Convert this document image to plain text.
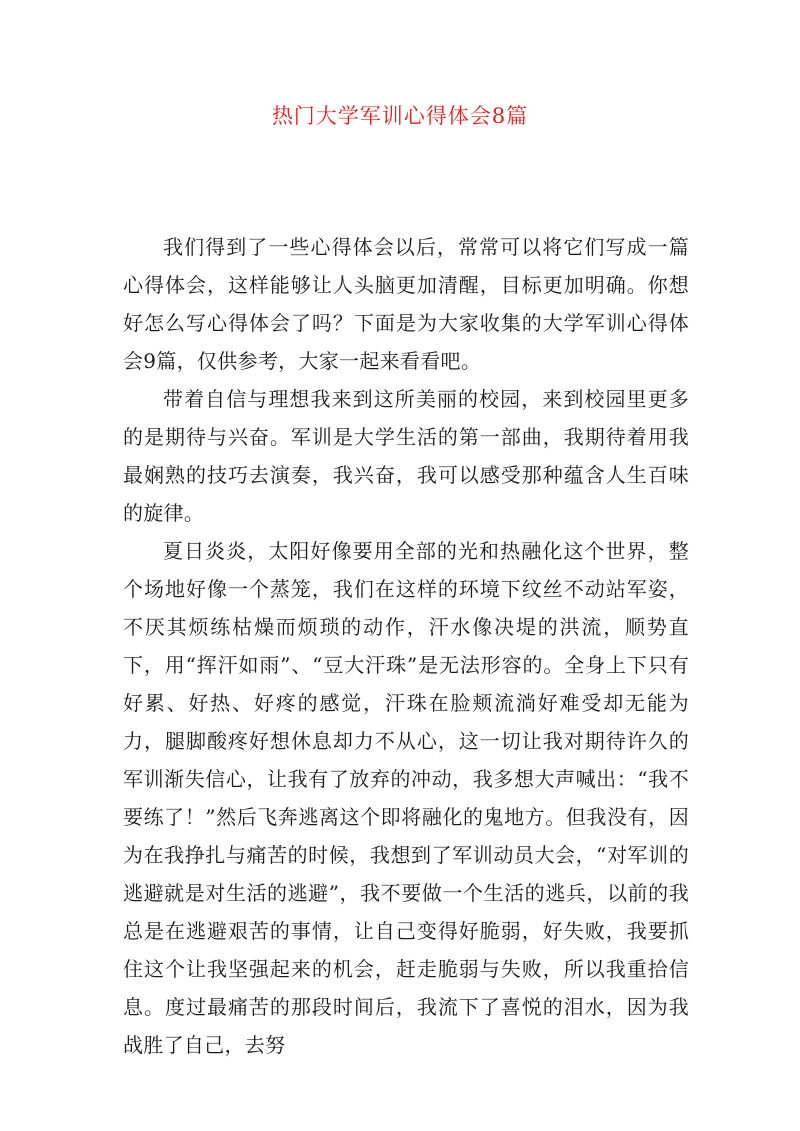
热门大学军训心得体会8篇

我们得到了一些心得体会以后，常常可以将它们写成一篇心得体会，这样能够让人头脑更加清醒，目标更加明确。你想好怎么写心得体会了吗？下面是为大家收集的大学军训心得体会9篇，仅供参考，大家一起来看看吧。

带着自信与理想我来到这所美丽的校园，来到校园里更多的是期待与兴奋。军训是大学生活的第一部曲，我期待着用我最娴熟的技巧去演奏，我兴奋，我可以感受那种蕴含人生百味的旋律。

夏日炎炎，太阳好像要用全部的光和热融化这个世界，整个场地好像一个蒸笼，我们在这样的环境下纹丝不动站军姿，不厌其烦练枯燥而烦琐的动作，汗水像决堤的洪流，顺势直下，用“挥汗如雨”、“豆大汗珠”是无法形容的。全身上下只有好累、好热、好疼的感觉，汗珠在脸颊流淌好难受却无能为力，腿脚酸疼好想休息却力不从心，这一切让我对期待许久的军训渐失信心，让我有了放弃的冲动，我多想大声喊出：“我不要练了！”然后飞奔逃离这个即将融化的鬼地方。但我没有，因为在我挣扎与痛苦的时候，我想到了军训动员大会，“对军训的逃避就是对生活的逃避”，我不要做一个生活的逃兵，以前的我总是在逃避艰苦的事情，让自己变得好脆弱，好失败，我要抓住这个让我坚强起来的机会，赶走脆弱与失败，所以我重拾信息。度过最痛苦的那段时间后，我流下了喜悦的泪水，因为我战胜了自己，去努
